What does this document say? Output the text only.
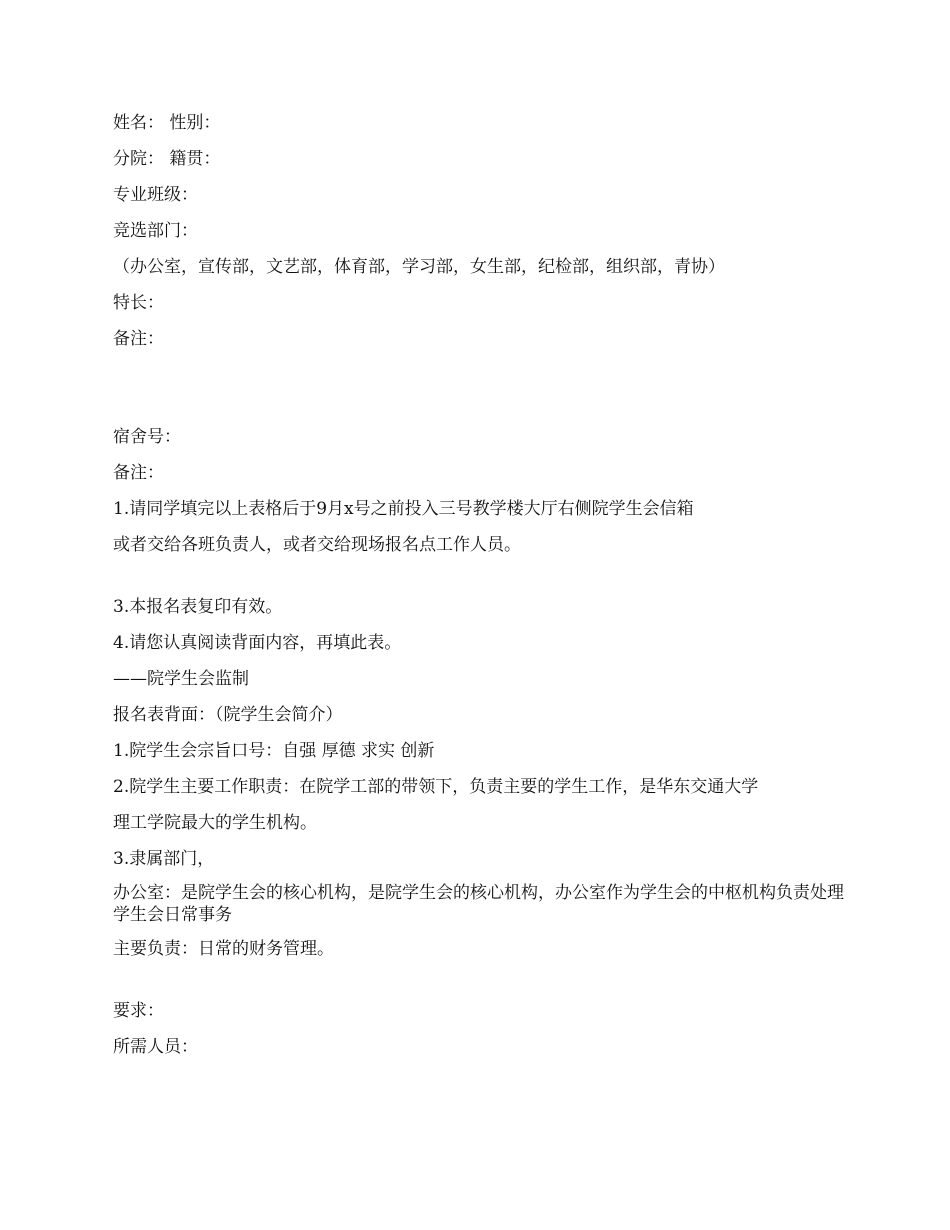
姓名： 性别：
分院： 籍贯：
专业班级：
竞选部门：
（办公室，宣传部，文艺部，体育部，学习部，女生部，纪检部，组织部，青协）
特长：
备注：
宿舍号：
备注：
1.请同学填完以上表格后于9月x号之前投入三号教学楼大厅右侧院学生会信箱
或者交给各班负责人，或者交给现场报名点工作人员。
3.本报名表复印有效。
4.请您认真阅读背面内容，再填此表。
——院学生会监制
报名表背面：（院学生会简介）
1.院学生会宗旨口号：自强 厚德 求实 创新
2.院学生主要工作职责：在院学工部的带领下，负责主要的学生工作，是华东交通大学
理工学院最大的学生机构。
3.隶属部门，
办公室：是院学生会的核心机构，是院学生会的核心机构，办公室作为学生会的中枢机构负责处理学生会日常事务
主要负责：日常的财务管理。
要求：
所需人员：
